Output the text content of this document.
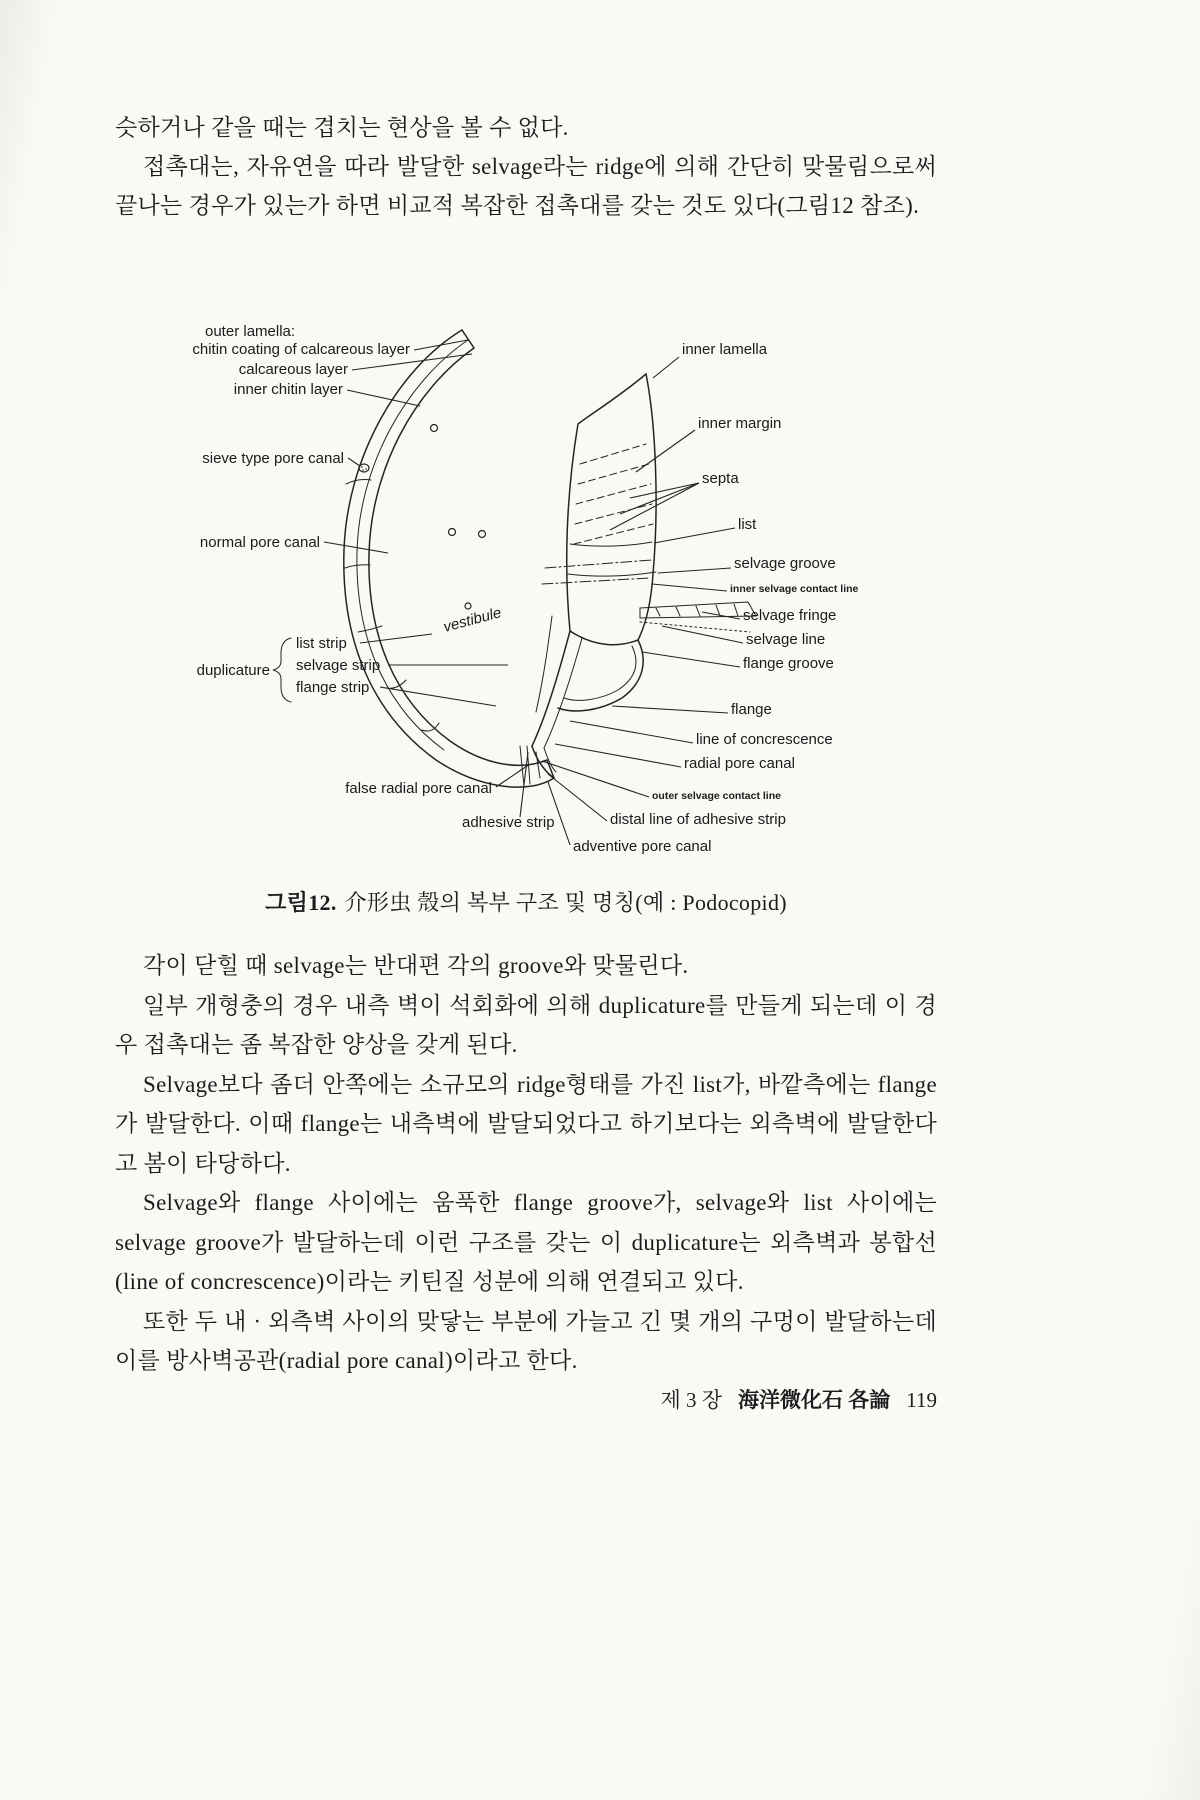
슷하거나 같을 때는 겹치는 현상을 볼 수 없다.

접촉대는, 자유연을 따라 발달한 selvage라는 ridge에 의해 간단히 맞물림으로써 끝나는 경우가 있는가 하면 비교적 복잡한 접촉대를 갖는 것도 있다(그림12 참조).

outer lamella:
chitin coating of calcareous layer
calcareous layer
inner chitin layer
sieve type pore canal
normal pore canal
duplicature
list strip
selvage strip
flange strip
vestibule
false radial pore canal
adhesive strip
inner lamella
inner margin
septa
list
selvage groove
inner selvage contact line
selvage fringe
selvage line
flange groove
flange
line of concrescence
radial pore canal
outer selvage contact line
distal line of adhesive strip
adventive pore canal
그림12. 介形虫 殼의 복부 구조 및 명칭(예 : Podocopid)

각이 닫힐 때 selvage는 반대편 각의 groove와 맞물린다.

일부 개형충의 경우 내측 벽이 석회화에 의해 duplicature를 만들게 되는데 이 경우 접촉대는 좀 복잡한 양상을 갖게 된다.

Selvage보다 좀더 안쪽에는 소규모의 ridge형태를 가진 list가, 바깥측에는 flange가 발달한다. 이때 flange는 내측벽에 발달되었다고 하기보다는 외측벽에 발달한다고 봄이 타당하다.

Selvage와 flange 사이에는 움푹한 flange groove가, selvage와 list 사이에는 selvage groove가 발달하는데 이런 구조를 갖는 이 duplicature는 외측벽과 봉합선(line of concrescence)이라는 키틴질 성분에 의해 연결되고 있다.

또한 두 내 · 외측벽 사이의 맞닿는 부분에 가늘고 긴 몇 개의 구멍이 발달하는데 이를 방사벽공관(radial pore canal)이라고 한다.

제 3 장 海洋微化石 各論 119
